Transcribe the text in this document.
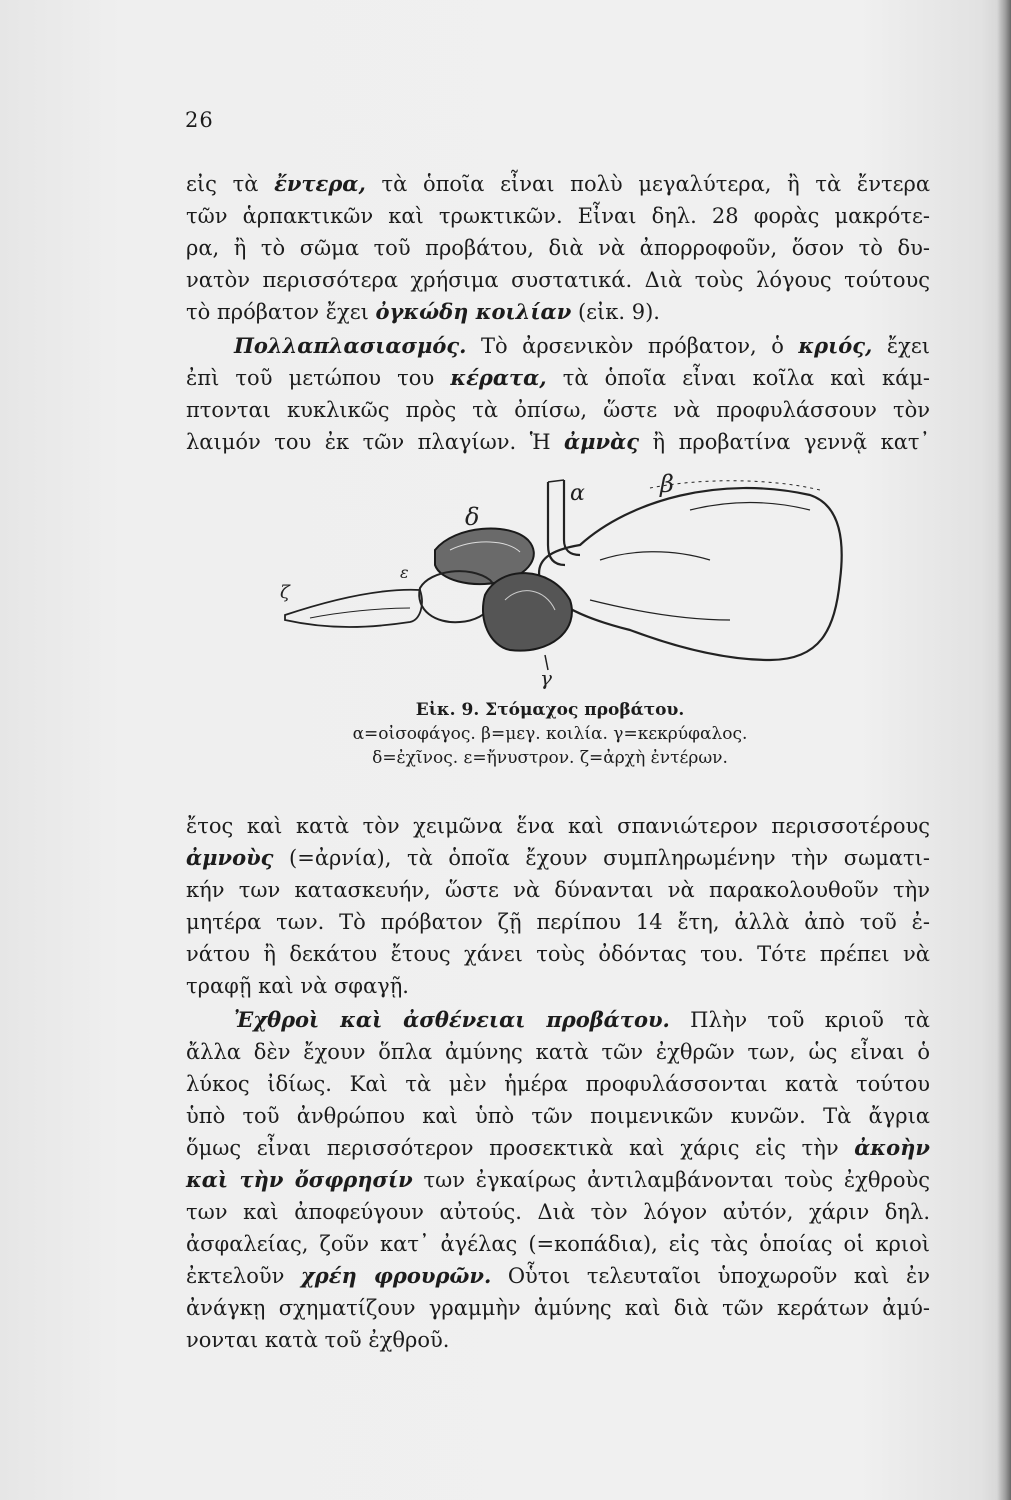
26

εἰς τὰ ἔντερα, τὰ ὁποῖα εἶναι πολὺ μεγαλύτερα, ἢ τὰ ἔντερα
τῶν ἁρπακτικῶν καὶ τρωκτικῶν. Εἶναι δηλ. 28 φορὰς μακρότε-
ρα, ἢ τὸ σῶμα τοῦ προβάτου, διὰ νὰ ἀπορροφοῦν, ὅσον τὸ δυ-
νατὸν περισσότερα χρήσιμα συστατικά. Διὰ τοὺς λόγους τούτους
τὸ πρόβατον ἔχει ὀγκώδη κοιλίαν (εἰκ. 9).

Πολλαπλασιασμός. Τὸ ἀρσενικὸν πρόβατον, ὁ κριός, ἔχει
ἐπὶ τοῦ μετώπου του κέρατα, τὰ ὁποῖα εἶναι κοῖλα καὶ κάμ-
πτονται κυκλικῶς πρὸς τὰ ὀπίσω, ὥστε νὰ προφυλάσσουν τὸν
λαιμόν του ἐκ τῶν πλαγίων. Ἡ ἀμνὰς ἢ προβατίνα γεννᾷ κατ᾿

α	β
γ
δ
ε
ζ
Εἰκ. 9. Στόμαχος προβάτου.
α=οἰσοφάγος. β=μεγ. κοιλία. γ=κεκρύφαλος.
δ=ἐχῖνος. ε=ἤνυστρον. ζ=ἀρχὴ ἐντέρων.

ἔτος καὶ κατὰ τὸν χειμῶνα ἕνα καὶ σπανιώτερον περισσοτέρους
ἀμνοὺς (=ἀρνία), τὰ ὁποῖα ἔχουν συμπληρωμένην τὴν σωματι-
κήν των κατασκευήν, ὥστε νὰ δύνανται νὰ παρακολουθοῦν τὴν
μητέρα των. Τὸ πρόβατον ζῇ περίπου 14 ἔτη, ἀλλὰ ἀπὸ τοῦ ἐ-
νάτου ἢ δεκάτου ἔτους χάνει τοὺς ὀδόντας του. Τότε πρέπει νὰ
τραφῇ καὶ νὰ σφαγῇ.

Ἐχθροὶ καὶ ἀσθένειαι προβάτου. Πλὴν τοῦ κριοῦ τὰ
ἄλλα δὲν ἔχουν ὅπλα ἀμύνης κατὰ τῶν ἐχθρῶν των, ὡς εἶναι ὁ
λύκος ἰδίως. Καὶ τὰ μὲν ἡμέρα προφυλάσσονται κατὰ τούτου
ὑπὸ τοῦ ἀνθρώπου καὶ ὑπὸ τῶν ποιμενικῶν κυνῶν. Τὰ ἄγρια
ὅμως εἶναι περισσότερον προσεκτικὰ καὶ χάρις εἰς τὴν ἀκοὴν
καὶ τὴν ὄσφρησίν των ἐγκαίρως ἀντιλαμβάνονται τοὺς ἐχθροὺς
των καὶ ἀποφεύγουν αὐτούς. Διὰ τὸν λόγον αὐτόν, χάριν δηλ.
ἀσφαλείας, ζοῦν κατ᾿ ἀγέλας (=κοπάδια), εἰς τὰς ὁποίας οἱ κριοὶ
ἐκτελοῦν χρέη φρουρῶν. Οὗτοι τελευταῖοι ὑποχωροῦν καὶ ἐν
ἀνάγκῃ σχηματίζουν γραμμὴν ἀμύνης καὶ διὰ τῶν κεράτων ἀμύ-
νονται κατὰ τοῦ ἐχθροῦ.
